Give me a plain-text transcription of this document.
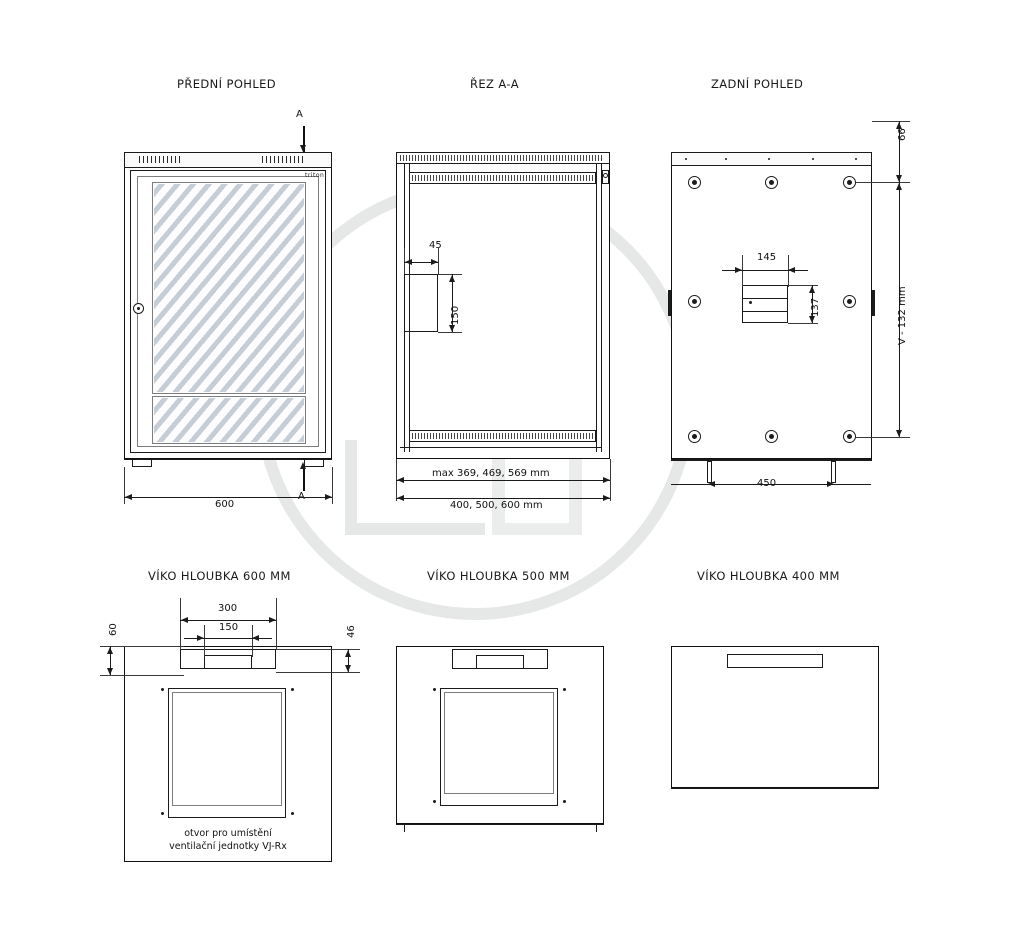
PŘEDNÍ POHLED	ŘEZ A-A	ZADNÍ POHLED
VÍKO HLOUBKA 600 MM	VÍKO HLOUBKA 500 MM	VÍKO HLOUBKA 400 MM
A
triton
600
45
150
max 369, 469, 569 mm
400, 500, 600 mm
145
137
66
V - 132 mm
450
otvor pro umístění
ventilační jednotky VJ-Rx
300
150
60	46
